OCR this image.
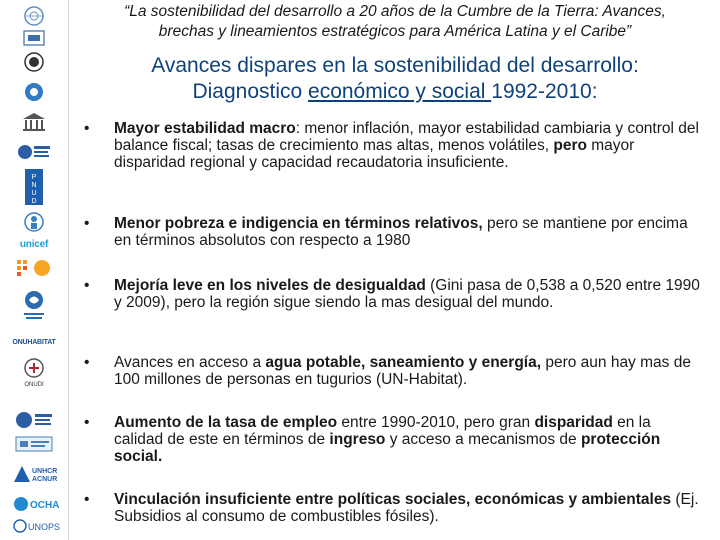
P
N
U
D
unicef
ONUHABITAT
ONUDI
UNHCR
ACNUR
OCHA
UNOPS
“La sostenibilidad del desarrollo a 20 años de la Cumbre de la Tierra: Avances,
brechas y lineamientos estratégicos para América Latina y el Caribe”
Avances dispares en la sostenibilidad del desarrollo:
Diagnostico económico y social 1992-2010:
•	Mayor estabilidad macro: menor inflación, mayor estabilidad cambiaria y control del balance fiscal; tasas de crecimiento mas altas, menos volátiles, pero mayor disparidad regional y capacidad recaudatoria insuficiente.
•	Menor pobreza e indigencia en términos relativos, pero se mantiene por encima en términos absolutos con respecto a 1980
•	Mejoría leve en los niveles de desigualdad (Gini pasa de 0,538 a 0,520 entre 1990 y 2009), pero la región sigue siendo la mas desigual del mundo.
•	Avances en acceso a agua potable, saneamiento y energía, pero aun hay mas de 100 millones de personas en tugurios (UN-Habitat).
•	Aumento de la tasa de empleo entre 1990-2010, pero gran disparidad en la calidad de este en términos de ingreso y acceso a mecanismos de protección social.
•	Vinculación insuficiente entre políticas sociales, económicas y ambientales (Ej. Subsidios al consumo de combustibles fósiles).
